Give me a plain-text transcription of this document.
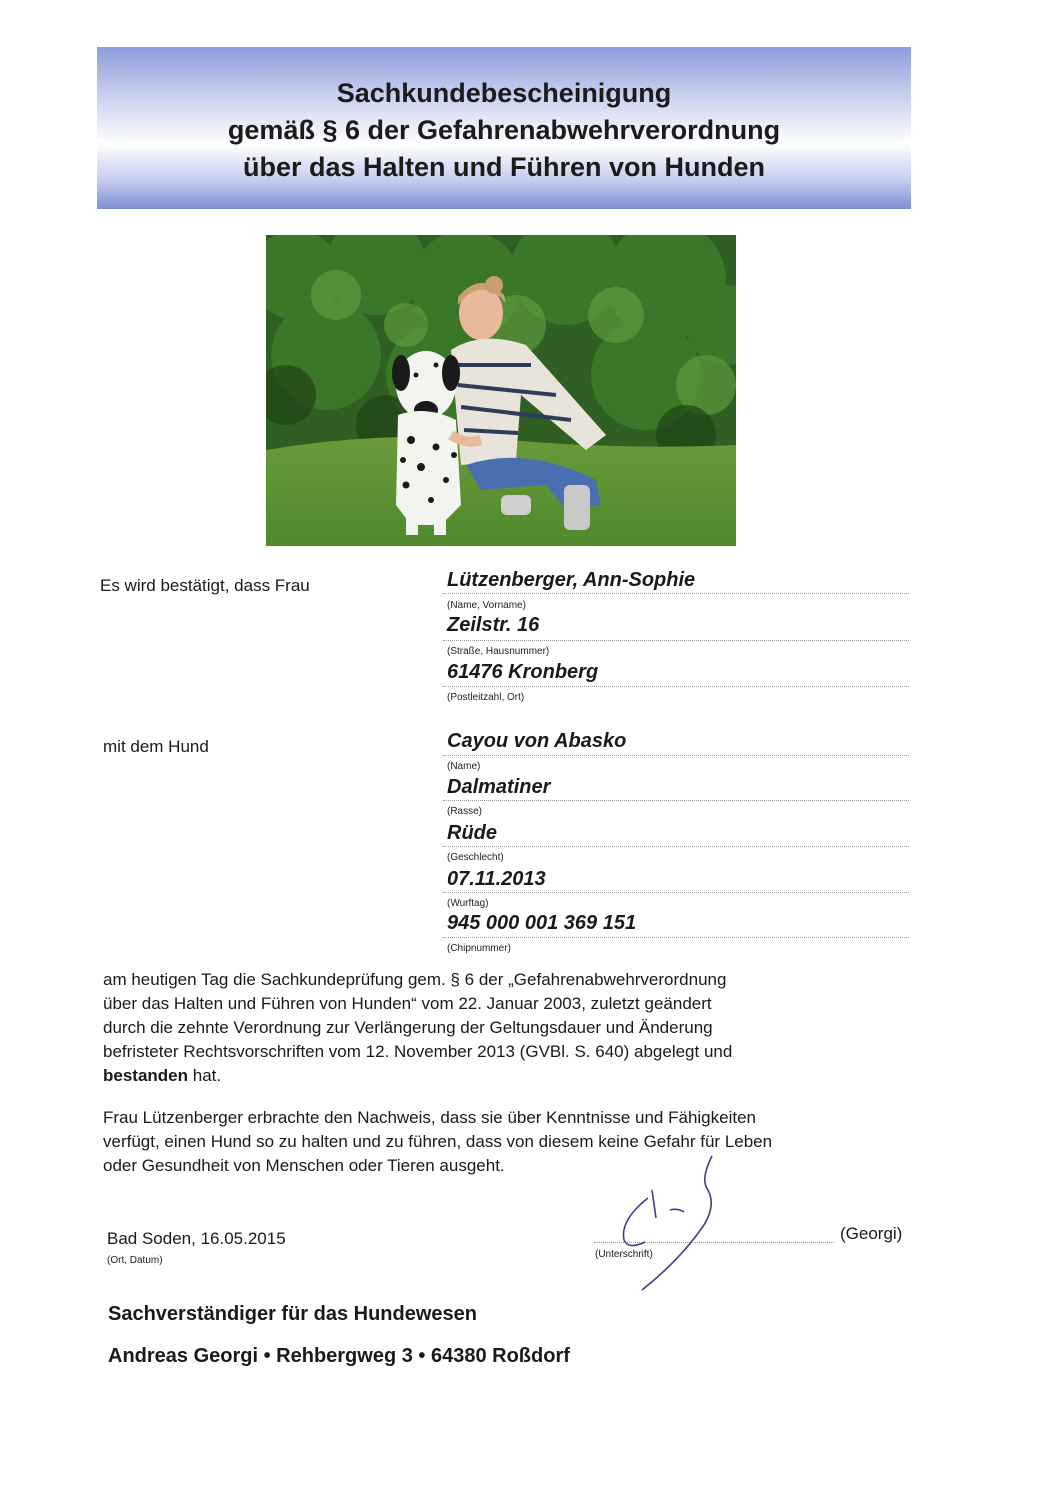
Sachkundebescheinigung
gemäß § 6 der Gefahrenabwehrverordnung
über das Halten und Führen von Hunden
Es wird bestätigt, dass Frau	Lützenberger, Ann-Sophie
(Name, Vorname)
Zeilstr. 16
(Straße, Hausnummer)
61476 Kronberg
(Postleitzahl, Ort)
mit dem Hund	Cayou von Abasko
(Name)
Dalmatiner
(Rasse)
Rüde
(Geschlecht)
07.11.2013
(Wurftag)
945 000 001 369 151
(Chipnummer)
am heutigen Tag die Sachkundeprüfung gem. § 6 der „Gefahrenabwehrverordnung
über das Halten und Führen von Hunden“ vom 22. Januar 2003, zuletzt geändert
durch die zehnte Verordnung zur Verlängerung der Geltungsdauer und Änderung
befristeter Rechtsvorschriften vom 12. November 2013 (GVBl. S. 640) abgelegt und
bestanden hat.
Frau Lützenberger erbrachte den Nachweis, dass sie über Kenntnisse und Fähigkeiten
verfügt, einen Hund so zu halten und zu führen, dass von diesem keine Gefahr für Leben
oder Gesundheit von Menschen oder Tieren ausgeht.
Bad Soden, 16.05.2015
(Ort, Datum)
(Unterschrift)
(Georgi)
Sachverständiger für das Hundewesen
Andreas Georgi • Rehbergweg 3 • 64380 Roßdorf
